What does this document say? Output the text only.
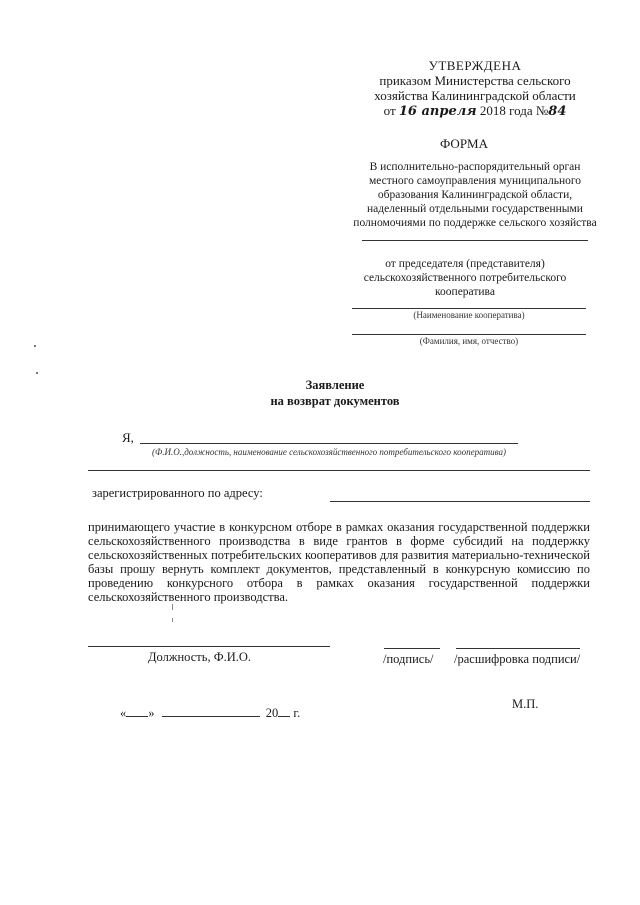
УТВЕРЖДЕНА
приказом Министерства сельского
хозяйства Калининградской области
от 16 апреля 2018 года №84
ФОРМА
В исполнительно-распорядительный орган
местного самоуправления муниципального
образования Калининградской области,
наделенный отдельными государственными
полномочиями по поддержке сельского хозяйства
от председателя (представителя)
сельскохозяйственного потребительского
кооператива
(Наименование кооператива)
(Фамилия, имя, отчество)
Заявление
на возврат документов
Я,
(Ф.И.О.,должность, наименование сельскохозяйственного потребительского кооператива)
зарегистрированного по адресу:
принимающего участие в конкурсном отборе в рамках оказания государственной поддержки сельскохозяйственного производства в виде грантов в форме субсидий на поддержку сельскохозяйственных потребительских кооперативов для развития материально-технической базы прошу вернуть комплект документов, представленный в конкурсную комиссию по проведению конкурсного отбора в рамках оказания государственной поддержки сельскохозяйственного производства.
Должность, Ф.И.О.	/подпись/ /расшифровка подписи/
М.П.
« »	20 г.
